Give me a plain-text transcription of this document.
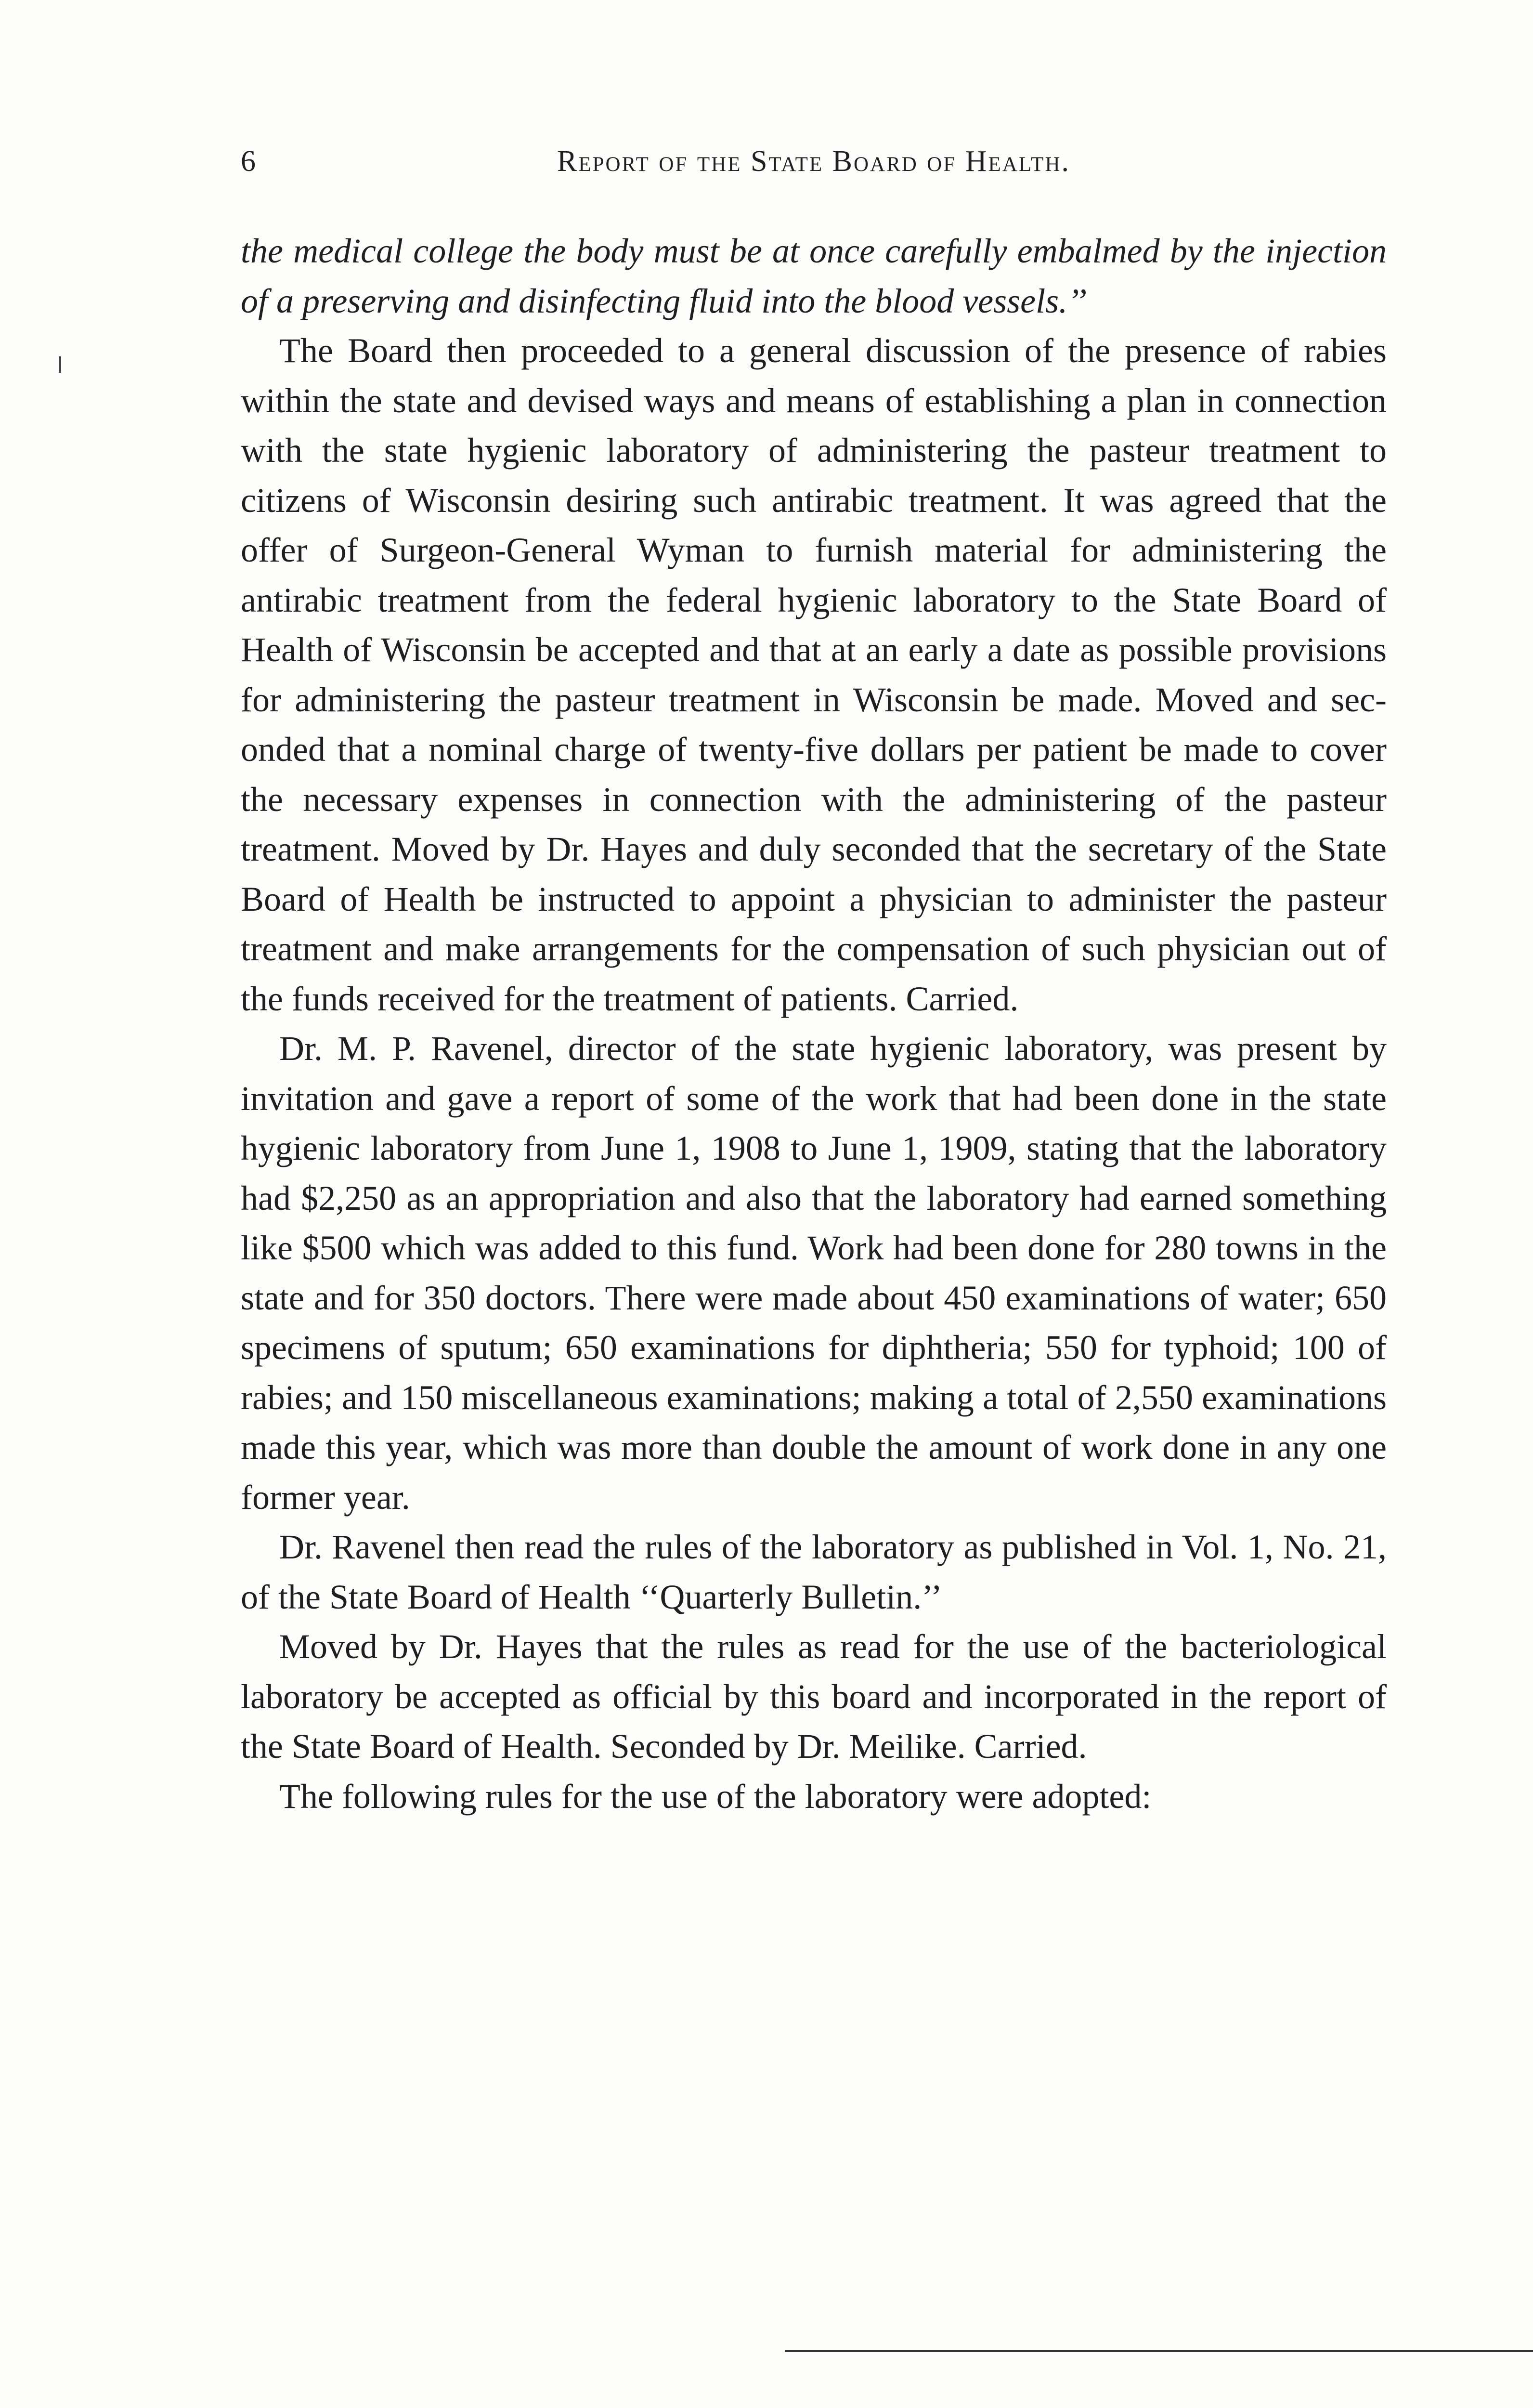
6	Report of the State Board of Health.

the medical college the body must be at once carefully embalmed by the injection of a preserving and disinfecting fluid into the blood vessels.’’

The Board then proceeded to a general discussion of the presence of rabies within the state and devised ways and means of establishing a plan in connection with the state hygienic laboratory of administering the pasteur treatment to citizens of Wisconsin desiring such antirabic treatment. It was agreed that the offer of Surgeon-General Wyman to furnish material for administering the antirabic treatment from the federal hygienic laboratory to the State Board of Health of Wisconsin be accepted and that at an early a date as possible provisions for administering the pasteur treatment in Wisconsin be made. Moved and seconded that a nominal charge of twenty-five dollars per patient be made to cover the necessary expenses in connection with the administering of the pasteur treatment. Moved by Dr. Hayes and duly seconded that the secretary of the State Board of Health be instructed to appoint a physician to administer the pasteur treatment and make arrangements for the compensation of such physician out of the funds received for the treatment of patients. Carried.

Dr. M. P. Ravenel, director of the state hygienic laboratory, was present by invitation and gave a report of some of the work that had been done in the state hygienic laboratory from June 1, 1908 to June 1, 1909, stating that the laboratory had $2,250 as an appropriation and also that the laboratory had earned something like $500 which was added to this fund. Work had been done for 280 towns in the state and for 350 doctors. There were made about 450 examinations of water; 650 specimens of sputum; 650 examinations for diphtheria; 550 for typhoid; 100 of rabies; and 150 miscellaneous examinations; making a total of 2,550 examinations made this year, which was more than double the amount of work done in any one former year.

Dr. Ravenel then read the rules of the laboratory as published in Vol. 1, No. 21, of the State Board of Health ‘‘Quarterly Bulletin.’’

Moved by Dr. Hayes that the rules as read for the use of the bacteriological laboratory be accepted as official by this board and incorporated in the report of the State Board of Health. Seconded by Dr. Meilike. Carried.

The following rules for the use of the laboratory were adopted:
